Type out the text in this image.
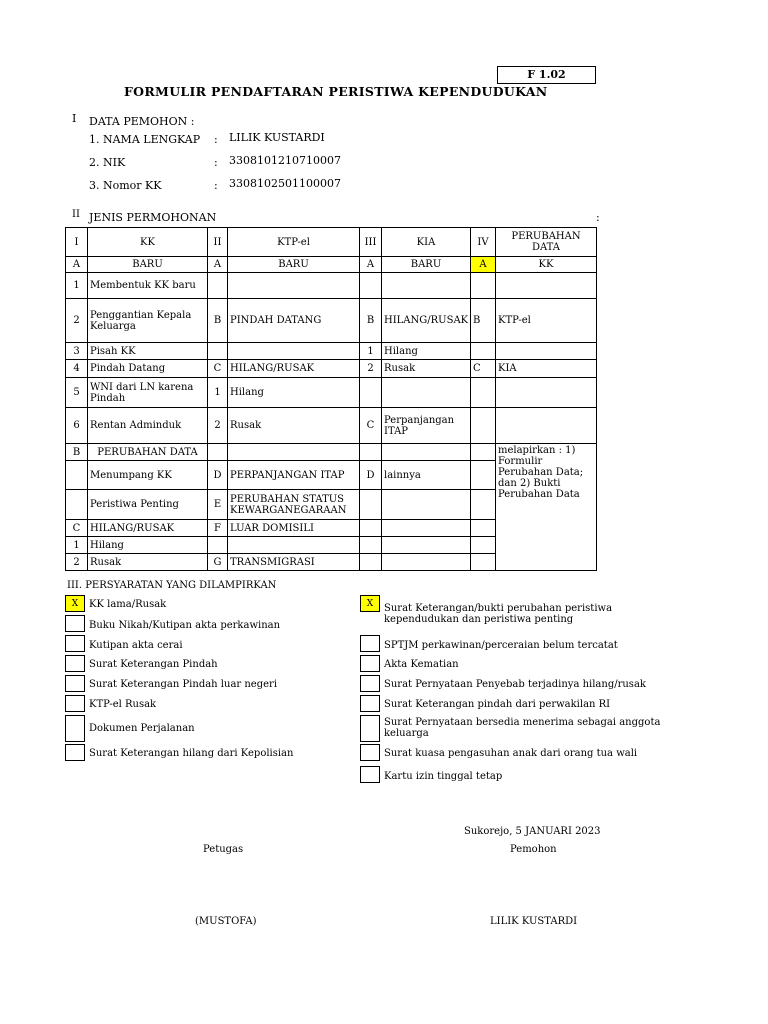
F 1.02
FORMULIR PENDAFTARAN PERISTIWA KEPENDUDUKAN
I DATA PEMOHON :
1. NAMA LENGKAP : LILIK KUSTARDI
2. NIK	: 3308101210710007
3. Nomor KK	: 3308102501100007
II JENIS PERMOHONAN	:
I	KK	II	KTP-el	III	KIA	IV	PERUBAHAN DATA
A	BARU	A	BARU	A	BARU	A	KK
1	Membentuk KK baru						
2	Penggantian Kepala Keluarga	B	PINDAH DATANG	B	HILANG/RUSAK	B	KTP-el
3	Pisah KK			1	Hilang		
4	Pindah Datang	C	HILANG/RUSAK	2	Rusak	C	KIA
5	WNI dari LN karena Pindah	1	Hilang				
6	Rentan Adminduk	2	Rusak	C	Perpanjangan ITAP		
B	PERUBAHAN DATA						melapirkan : 1) Formulir Perubahan Data; dan 2) Bukti Perubahan Data
	Menumpang KK	D	PERPANJANGAN ITAP	D	lainnya		
	Peristiwa Penting	E	PERUBAHAN STATUS KEWARGANEGARAAN				
C	HILANG/RUSAK	F	LUAR DOMISILI				
1	Hilang						
2	Rusak	G	TRANSMIGRASI				
III. PERSYARATAN YANG DILAMPIRKAN
X	KK lama/Rusak
Buku Nikah/Kutipan akta perkawinan
Kutipan akta cerai
Surat Keterangan Pindah
Surat Keterangan Pindah luar negeri
KTP-el Rusak
Dokumen Perjalanan
Surat Keterangan hilang dari Kepolisian
X	Surat Keterangan/bukti perubahan peristiwa kependudukan dan peristiwa penting
SPTJM perkawinan/perceraian belum tercatat
Akta Kematian
Surat Pernyataan Penyebab terjadinya hilang/rusak
Surat Keterangan pindah dari perwakilan RI
Surat Pernyataan bersedia menerima sebagai anggota keluarga
Surat kuasa pengasuhan anak dari orang tua wali
Kartu izin tinggal tetap
Sukorejo, 5 JANUARI 2023
Petugas	Pemohon
(MUSTOFA)	LILIK KUSTARDI
